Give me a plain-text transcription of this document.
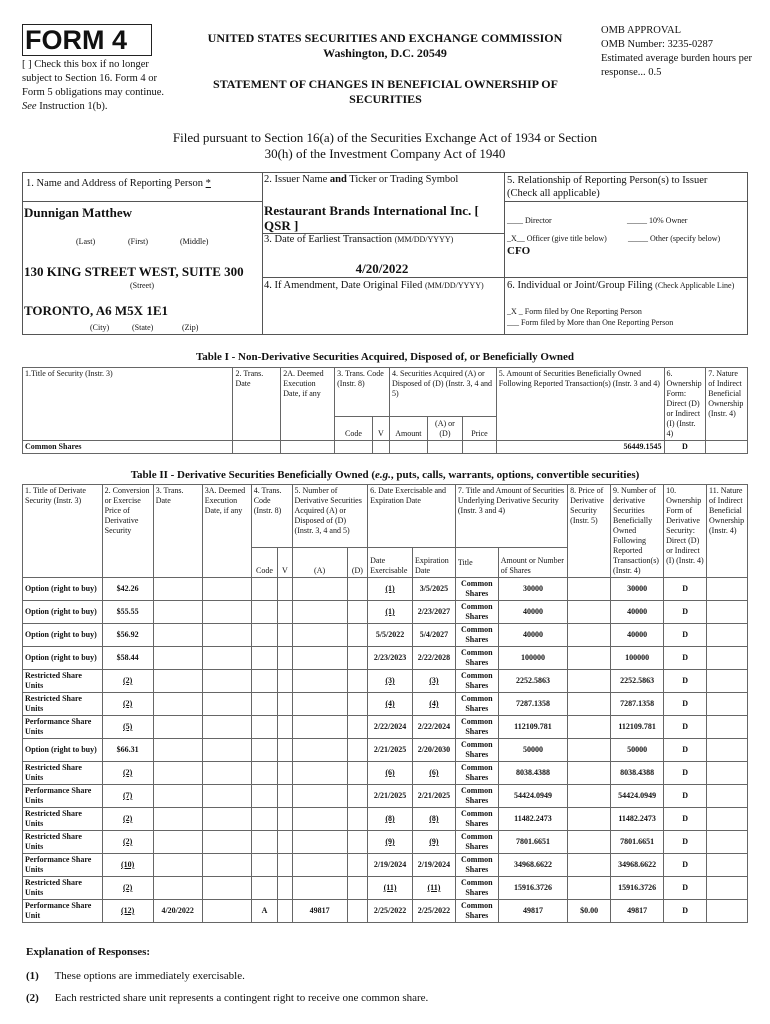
FORM 4
[ ] Check this box if no longer subject to Section 16. Form 4 or Form 5 obligations may continue. See Instruction 1(b).
UNITED STATES SECURITIES AND EXCHANGE COMMISSION
Washington, D.C. 20549
STATEMENT OF CHANGES IN BENEFICIAL OWNERSHIP OF SECURITIES
OMB APPROVAL
OMB Number: 3235-0287
Estimated average burden hours per response... 0.5
Filed pursuant to Section 16(a) of the Securities Exchange Act of 1934 or Section 30(h) of the Investment Company Act of 1940
1. Name and Address of Reporting Person *
Dunnigan Matthew
(Last)	(First)	(Middle)
130 KING STREET WEST, SUITE 300
(Street)
TORONTO, A6 M5X 1E1
(City)	(State)	(Zip)
2. Issuer Name and Ticker or Trading Symbol
Restaurant Brands International Inc. [ QSR ]
3. Date of Earliest Transaction (MM/DD/YYYY)
4/20/2022
4. If Amendment, Date Original Filed (MM/DD/YYYY)
5. Relationship of Reporting Person(s) to Issuer
(Check all applicable)
____ Director	_____ 10% Owner
_X__ Officer (give title below)	_____ Other (specify below)
CFO
6. Individual or Joint/Group Filing (Check Applicable Line)
_X _ Form filed by One Reporting Person
___ Form filed by More than One Reporting Person
Table I - Non-Derivative Securities Acquired, Disposed of, or Beneficially Owned
1.Title of Security (Instr. 3)	2. Trans. Date	2A. Deemed Execution Date, if any	3. Trans. Code (Instr. 8)		4. Securities Acquired (A) or Disposed of (D) (Instr. 3, 4 and 5)			5. Amount of Securities Beneficially Owned Following Reported Transaction(s) (Instr. 3 and 4)	6. Ownership Form: Direct (D) or Indirect (I) (Instr. 4)	7. Nature of Indirect Beneficial Ownership (Instr. 4)
			Code	V	Amount	(A) or (D)	Price			
Common Shares								56449.1545	D	
Table II - Derivative Securities Beneficially Owned (e.g., puts, calls, warrants, options, convertible securities)
1. Title of Derivate Security (Instr. 3)	2. Conversion or Exercise Price of Derivative Security	3. Trans. Date	3A. Deemed Execution Date, if any	4. Trans. Code (Instr. 8)		5. Number of Derivative Securities Acquired (A) or Disposed of (D) (Instr. 3, 4 and 5)		6. Date Exercisable and Expiration Date		7. Title and Amount of Securities Underlying Derivative Security (Instr. 3 and 4)		8. Price of Derivative Security (Instr. 5)	9. Number of derivative Securities Beneficially Owned Following Reported Transaction(s) (Instr. 4)	10. Ownership Form of Derivative Security: Direct (D) or Indirect (I) (Instr. 4)	11. Nature of Indirect Beneficial Ownership (Instr. 4)
				Code	V	(A)	(D)	Date Exercisable	Expiration Date	Title	Amount or Number of Shares				
Option (right to buy)	$42.26							(1)	3/5/2025	Common Shares	30000		30000	D	
Option (right to buy)	$55.55							(1)	2/23/2027	Common Shares	40000		40000	D	
Option (right to buy)	$56.92							5/5/2022	5/4/2027	Common Shares	40000		40000	D	
Option (right to buy)	$58.44							2/23/2023	2/22/2028	Common Shares	100000		100000	D	
Restricted Share Units	(2)							(3)	(3)	Common Shares	2252.5863		2252.5863	D	
Restricted Share Units	(2)							(4)	(4)	Common Shares	7287.1358		7287.1358	D	
Performance Share Units	(5)							2/22/2024	2/22/2024	Common Shares	112109.781		112109.781	D	
Option (right to buy)	$66.31							2/21/2025	2/20/2030	Common Shares	50000		50000	D	
Restricted Share Units	(2)							(6)	(6)	Common Shares	8038.4388		8038.4388	D	
Performance Share Units	(7)							2/21/2025	2/21/2025	Common Shares	54424.0949		54424.0949	D	
Restricted Share Units	(2)							(8)	(8)	Common Shares	11482.2473		11482.2473	D	
Restricted Share Units	(2)							(9)	(9)	Common Shares	7801.6651		7801.6651	D	
Performance Share Units	(10)							2/19/2024	2/19/2024	Common Shares	34968.6622		34968.6622	D	
Restricted Share Units	(2)							(11)	(11)	Common Shares	15916.3726		15916.3726	D	
Performance Share Unit	(12)	4/20/2022		A		49817		2/25/2022	2/25/2022	Common Shares	49817	$0.00	49817	D	
Explanation of Responses:
(1) These options are immediately exercisable.
(2) Each restricted share unit represents a contingent right to receive one common share.
